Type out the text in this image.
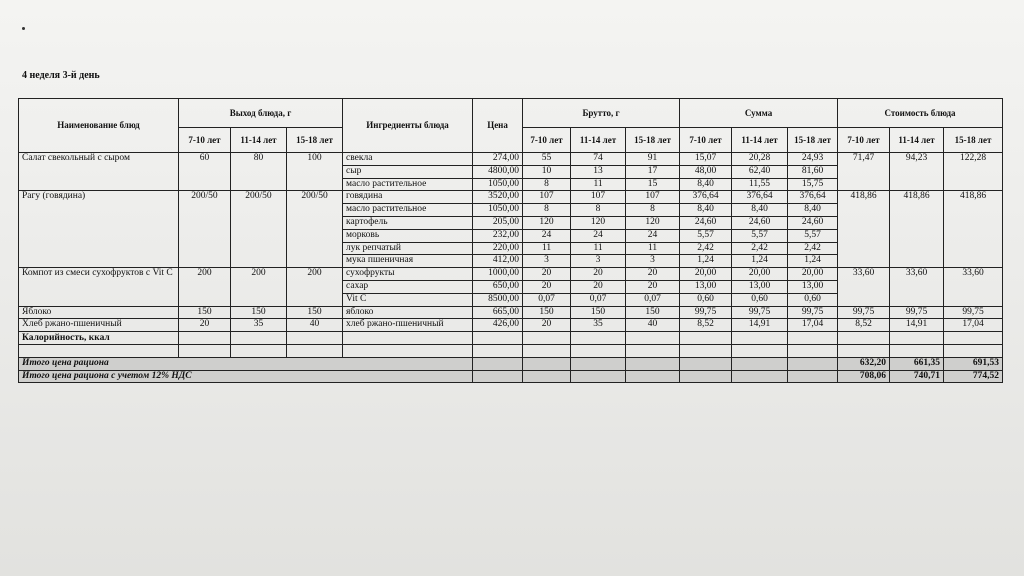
4 неделя 3-й день
Наименование блюд	Выход блюда, г			Ингредиенты блюда	Цена	Брутто, г			Сумма			Стоимость блюда		
	7-10 лет	11-14 лет	15-18 лет			7-10 лет	11-14 лет	15-18 лет	7-10 лет	11-14 лет	15-18 лет	7-10 лет	11-14 лет	15-18 лет
Салат свекольный с сыром	60	80	100	свекла	274,00	55	74	91	15,07	20,28	24,93	71,47	94,23	122,28
				сыр	4800,00	10	13	17	48,00	62,40	81,60			
				масло растительное	1050,00	8	11	15	8,40	11,55	15,75			
Рагу (говядина)	200/50	200/50	200/50	говядина	3520,00	107	107	107	376,64	376,64	376,64	418,86	418,86	418,86
				масло растительное	1050,00	8	8	8	8,40	8,40	8,40			
				картофель	205,00	120	120	120	24,60	24,60	24,60			
				морковь	232,00	24	24	24	5,57	5,57	5,57			
				лук репчатый	220,00	11	11	11	2,42	2,42	2,42			
				мука пшеничная	412,00	3	3	3	1,24	1,24	1,24			
Компот из смеси сухофруктов с Vit C	200	200	200	сухофрукты	1000,00	20	20	20	20,00	20,00	20,00	33,60	33,60	33,60
				сахар	650,00	20	20	20	13,00	13,00	13,00			
				Vit C	8500,00	0,07	0,07	0,07	0,60	0,60	0,60			
Яблоко	150	150	150	яблоко	665,00	150	150	150	99,75	99,75	99,75	99,75	99,75	99,75
Хлеб ржано-пшеничный	20	35	40	хлеб ржано-пшеничный	426,00	20	35	40	8,52	14,91	17,04	8,52	14,91	17,04
Калорийность, ккал														

Итого цена рациона												632,20	661,35	691,53
Итого цена рациона с учетом 12% НДС												708,06	740,71	774,52
